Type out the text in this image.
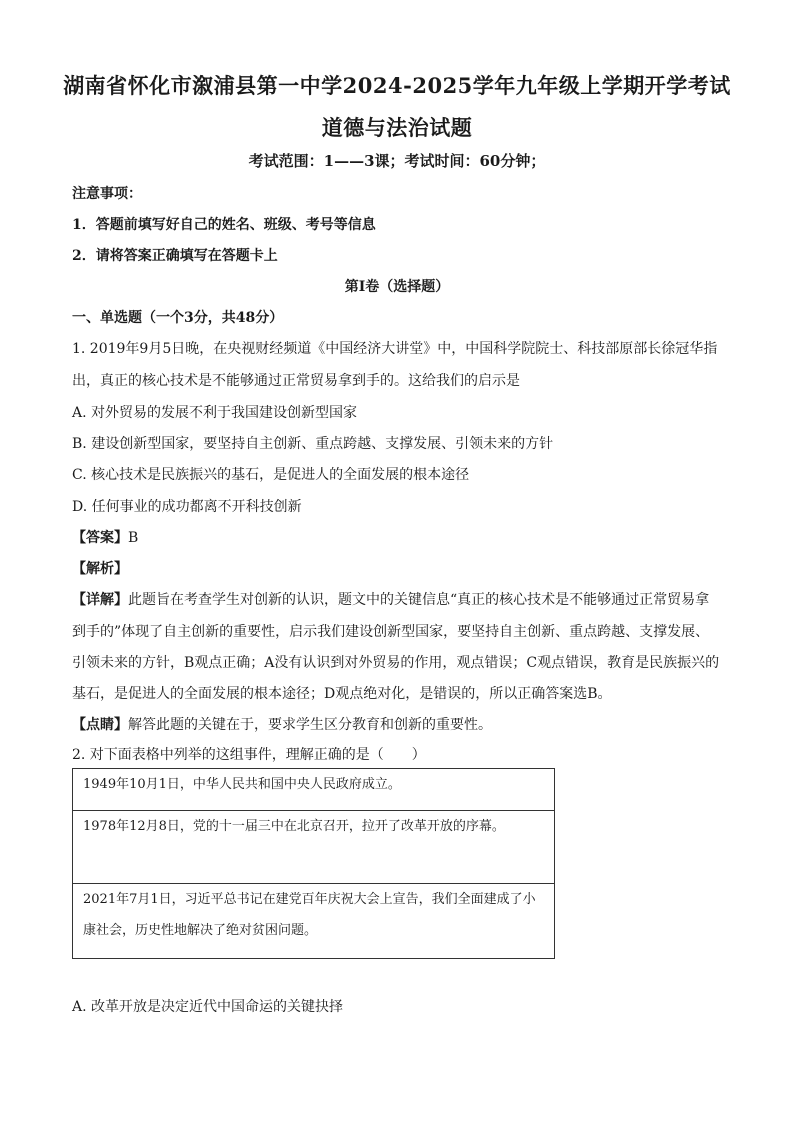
湖南省怀化市溆浦县第一中学2024-2025学年九年级上学期开学考试
道德与法治试题
考试范围：1——3课；考试时间：60分钟；
注意事项：
1．答题前填写好自己的姓名、班级、考号等信息
2．请将答案正确填写在答题卡上
第I卷（选择题）
一、单选题（一个3分，共48分）
1. 2019年9月5日晚，在央视财经频道《中国经济大讲堂》中，中国科学院院士、科技部原部长徐冠华指
出，真正的核心技术是不能够通过正常贸易拿到手的。这给我们的启示是
A. 对外贸易的发展不利于我国建设创新型国家
B. 建设创新型国家，要坚持自主创新、重点跨越、支撑发展、引领未来的方针
C. 核心技术是民族振兴的基石，是促进人的全面发展的根本途径
D. 任何事业的成功都离不开科技创新
【答案】B
【解析】
【详解】此题旨在考查学生对创新的认识，题文中的关键信息“真正的核心技术是不能够通过正常贸易拿
到手的”体现了自主创新的重要性，启示我们建设创新型国家，要坚持自主创新、重点跨越、支撑发展、
引领未来的方针，B观点正确；A没有认识到对外贸易的作用，观点错误；C观点错误，教育是民族振兴的
基石，是促进人的全面发展的根本途径；D观点绝对化，是错误的，所以正确答案选B。
【点睛】解答此题的关键在于，要求学生区分教育和创新的重要性。
2. 对下面表格中列举的这组事件，理解正确的是（　　）
1949年10月1日，中华人民共和国中央人民政府成立。
1978年12月8日，党的十一届三中在北京召开，拉开了改革开放的序幕。
2021年7月1日，习近平总书记在建党百年庆祝大会上宣告，我们全面建成了小康社会，历史性地解决了绝对贫困问题。
A. 改革开放是决定近代中国命运的关键抉择
